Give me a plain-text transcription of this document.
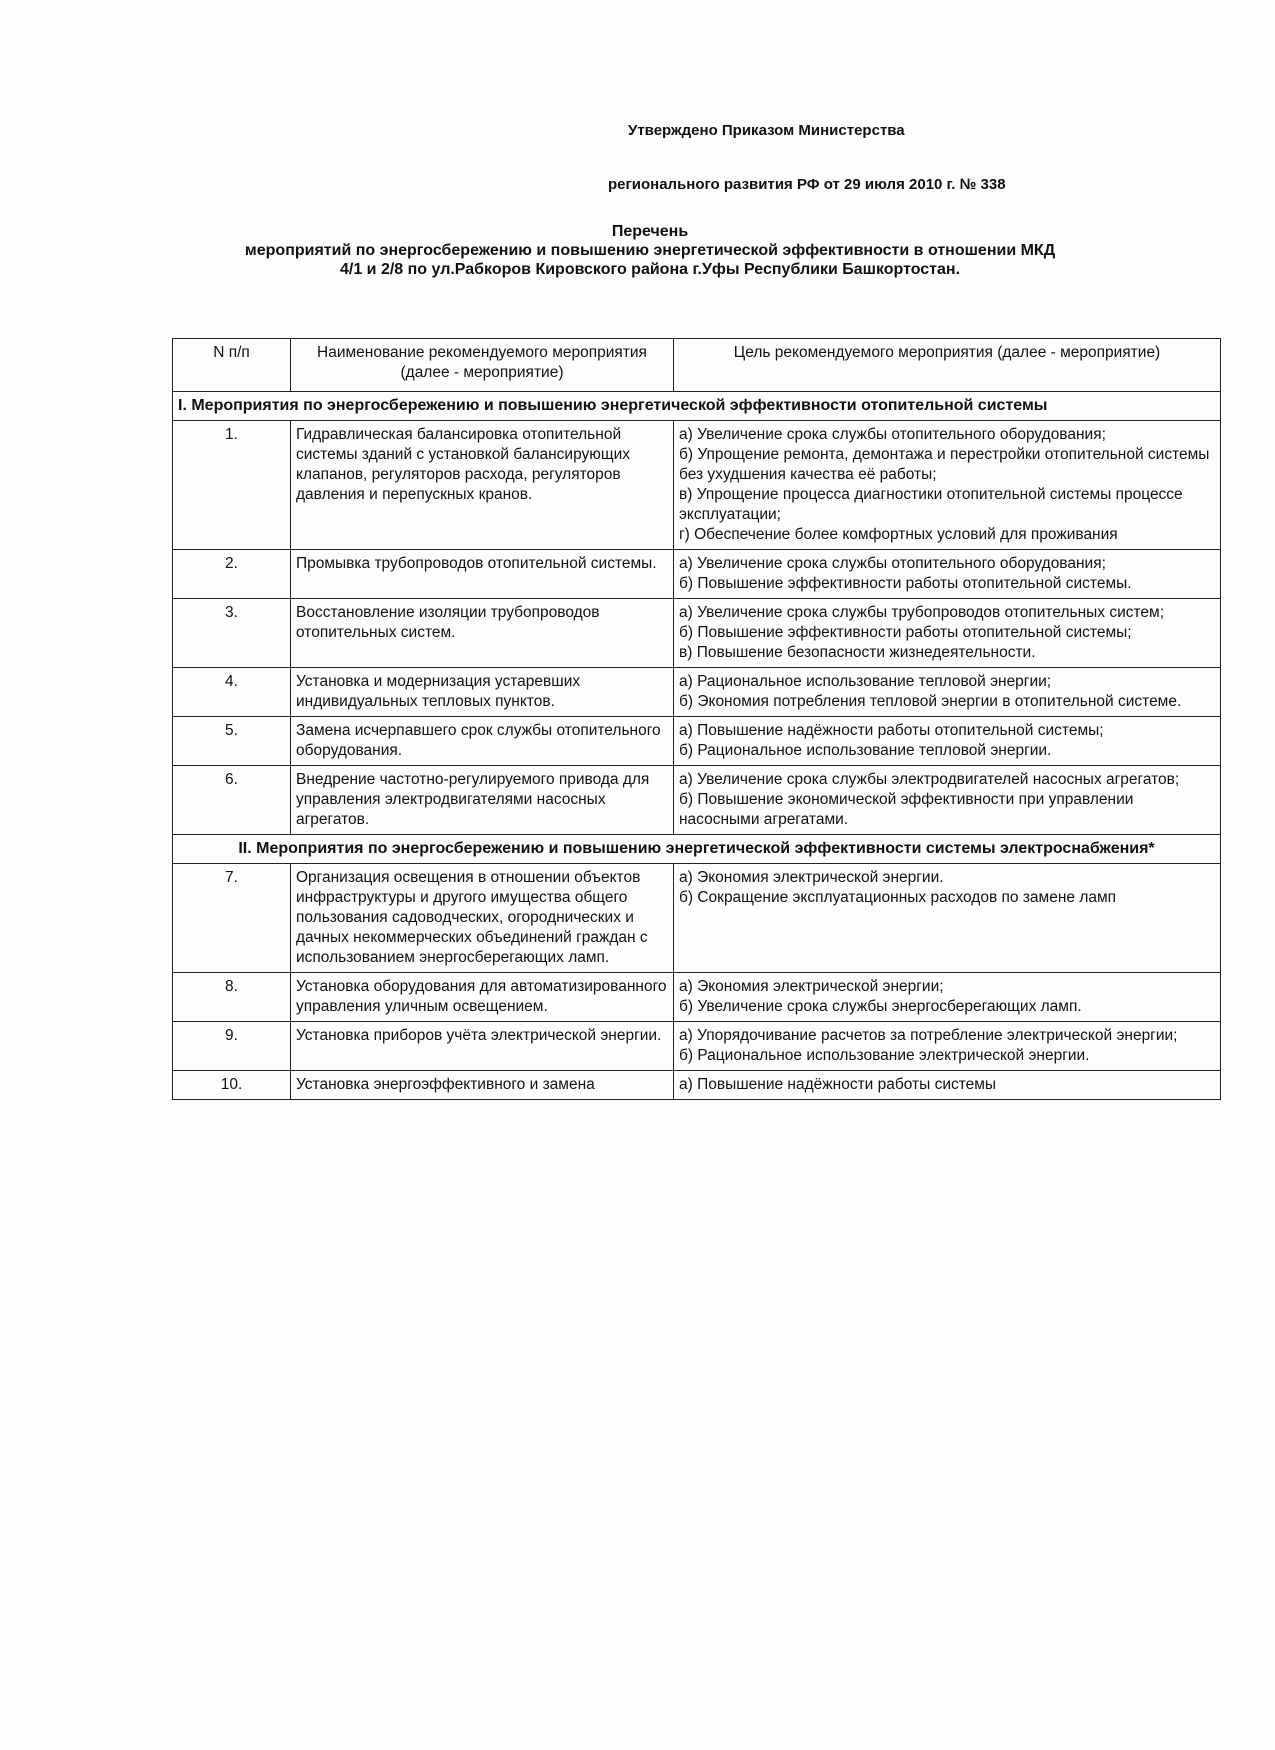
Утверждено Приказом Министерства
регионального развития РФ от 29 июля 2010 г. № 338
Перечень
мероприятий по энергосбережению и повышению энергетической эффективности в отношении МКД
4/1 и 2/8 по ул.Рабкоров Кировского района г.Уфы Республики Башкортостан.
N п/п	Наименование рекомендуемого мероприятия (далее - мероприятие)	Цель рекомендуемого мероприятия (далее - мероприятие)
I. Мероприятия по энергосбережению и повышению энергетической эффективности отопительной системы		
1.	Гидравлическая балансировка отопительной системы зданий с установкой балансирующих клапанов, регуляторов расхода, регуляторов давления и перепускных кранов.	а) Увеличение срока службы отопительного оборудования;
б) Упрощение ремонта, демонтажа и перестройки отопительной системы без ухудшения качества её работы;
в) Упрощение процесса диагностики отопительной системы процессе эксплуатации;
г) Обеспечение более комфортных условий для проживания

2.	Промывка трубопроводов отопительной системы.	а) Увеличение срока службы отопительного оборудования;
б) Повышение эффективности работы отопительной системы.

3.	Восстановление изоляции трубопроводов отопительных систем.	а) Увеличение срока службы трубопроводов отопительных систем;
б) Повышение эффективности работы отопительной системы;
в) Повышение безопасности жизнедеятельности.

4.	Установка и модернизация устаревших индивидуальных тепловых пунктов.	а) Рациональное использование тепловой энергии;
б) Экономия потребления тепловой энергии в отопительной системе.

5.	Замена исчерпавшего срок службы отопительного оборудования.	а) Повышение надёжности работы отопительной системы;
б) Рациональное использование тепловой энергии.

6.	Внедрение частотно-регулируемого привода для управления электродвигателями насосных агрегатов.	а) Увеличение срока службы электродвигателей насосных агрегатов;
б) Повышение экономической эффективности при управлении насосными агрегатами.

II. Мероприятия по энергосбережению и повышению энергетической эффективности системы электроснабжения*		
7.	Организация освещения в отношении объектов инфраструктуры и другого имущества общего пользования садоводческих, огороднических и дачных некоммерческих объединений граждан с использованием энергосберегающих ламп.	а) Экономия электрической энергии.
б) Сокращение эксплуатационных расходов по замене ламп

8.	Установка оборудования для автоматизированного управления уличным освещением.	а) Экономия электрической энергии;
б) Увеличение срока службы энергосберегающих ламп.

9.	Установка приборов учёта электрической энергии.	а) Упорядочивание расчетов за потребление электрической энергии;
б) Рациональное использование электрической энергии.

10.	Установка энергоэффективного и замена	а) Повышение надёжности работы системы
